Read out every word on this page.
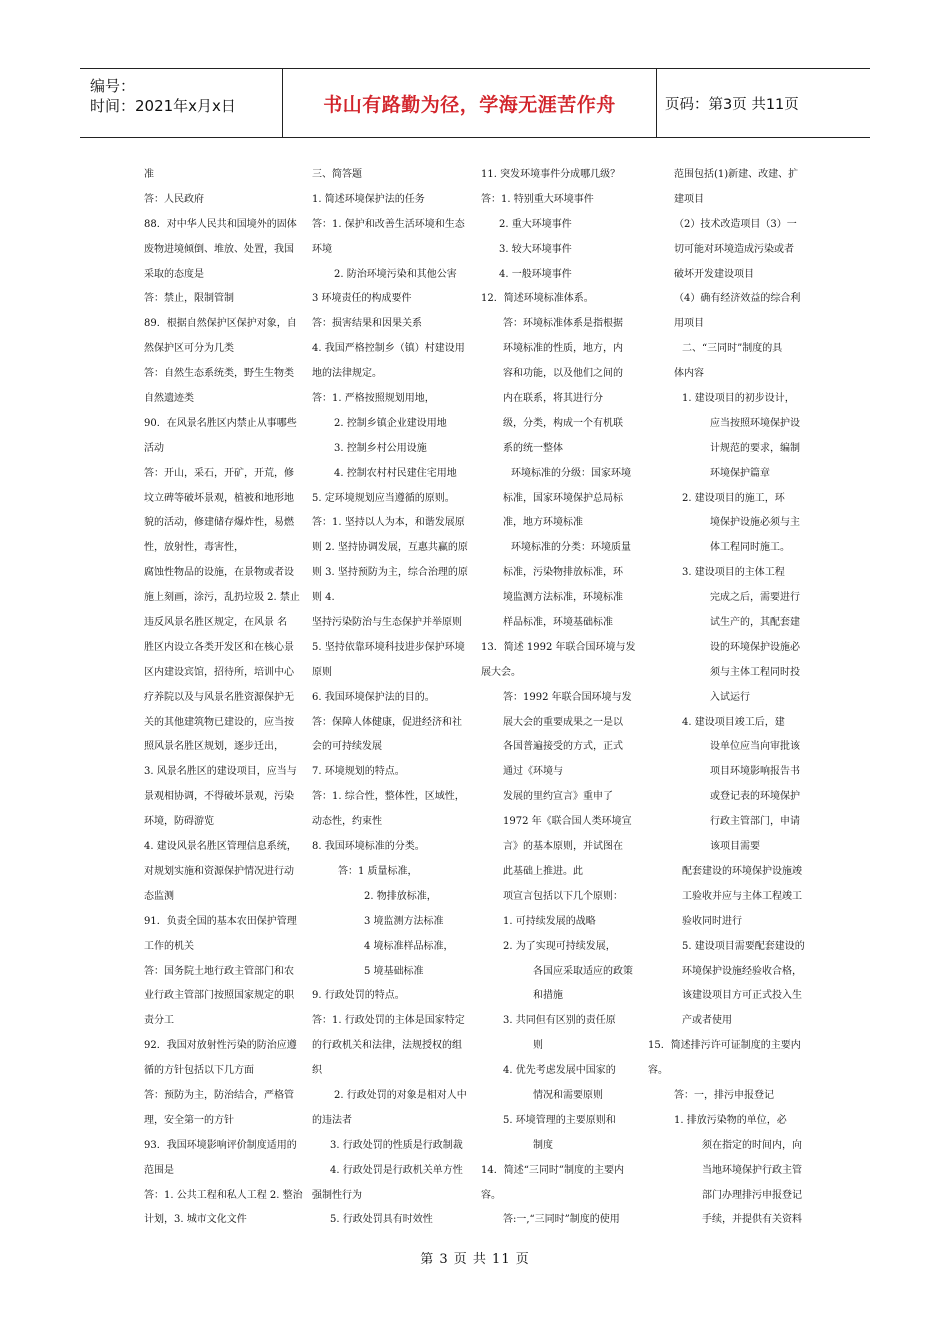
编号：
时间：2021年x月x日	书山有路勤为径，学海无涯苦作舟	页码：第3页 共11页
准
答：人民政府
88．对中华人民共和国境外的固体
废物进境倾倒、堆放、处置，我国
采取的态度是
答：禁止，限制管制
89．根据自然保护区保护对象，自
然保护区可分为几类
答：自然生态系统类，野生生物类
自然遗迹类
90．在风景名胜区内禁止从事哪些
活动
答：开山，采石，开矿，开荒，修
坟立碑等破坏景观，植被和地形地
貌的活动，修建储存爆炸性，易燃
性，放射性，毒害性，
腐蚀性物品的设施，在景物或者设
施上刻画，涂污，乱扔垃圾 2. 禁止
违反风景名胜区规定，在风景 名
胜区内设立各类开发区和在核心景
区内建设宾馆，招待所，培训中心
疗养院以及与风景名胜资源保护无
关的其他建筑物已建设的，应当按
照风景名胜区规划，逐步迁出，
3. 风景名胜区的建设项目，应当与
景观相协调，不得破坏景观，污染
环境，防碍游览
4. 建设风景名胜区管理信息系统，
对规划实施和资源保护情况进行动
态监测
91．负责全国的基本农田保护管理
工作的机关
答：国务院土地行政主管部门和农
业行政主管部门按照国家规定的职
责分工
92．我国对放射性污染的防治应遵
循的方针包括以下几方面
答：预防为主，防治结合，严格管
理，安全第一的方针
93．我国环境影响评价制度适用的
范围是
答：1. 公共工程和私人工程 2. 整治
计划，3. 城市文化文件
三、简答题
1. 简述环境保护法的任务
答：1. 保护和改善生活环境和生态
环境
2. 防治环境污染和其他公害
3 环境责任的构成要件
答：损害结果和因果关系
4. 我国严格控制乡（镇）村建设用
地的法律规定。
答：1. 严格按照规划用地，
2. 控制乡镇企业建设用地
3. 控制乡村公用设施
4. 控制农村村民建住宅用地
5. 定环境规划应当遵循的原则。
答：1. 坚持以人为本，和谐发展原
则 2. 坚持协调发展，互惠共赢的原
则 3. 坚持预防为主，综合治理的原
则 4.
坚持污染防治与生态保护并举原则
5. 坚持依靠环境科技进步保护环境
原则
6. 我国环境保护法的目的。
答：保障人体健康，促进经济和社
会的可持续发展
7. 环境规划的特点。
答：1. 综合性，整体性，区域性，
动态性，约束性
8. 我国环境标准的分类。
答：1 质量标准，
2. 物排放标准，
3 境监测方法标准
4 境标准样品标准，
5 境基础标准
9. 行政处罚的特点。
答：1. 行政处罚的主体是国家特定
的行政机关和法律，法规授权的组
织
2. 行政处罚的对象是相对人中
的违法者
3. 行政处罚的性质是行政制裁
4. 行政处罚是行政机关单方性
强制性行为
5. 行政处罚具有时效性
11. 突发环境事件分成哪几级？
答：1. 特别重大环境事件
2. 重大环境事件
3. 较大环境事件
4. 一般环境事件
12．简述环境标准体系。
答：环境标准体系是指根据
环境标准的性质，地方，内
容和功能，以及他们之间的
内在联系，将其进行分
级，分类，构成一个有机联
系的统一整体
环境标准的分级：国家环境
标准，国家环境保护总局标
准，地方环境标准
环境标准的分类：环境质量
标准，污染物排放标准，环
境监测方法标准，环境标准
样品标准，环境基础标准
13．简述 1992 年联合国环境与发
展大会。
答：1992 年联合国环境与发
展大会的重要成果之一是以
各国普遍接受的方式，正式
通过《环境与
发展的里约宣言》重申了
1972 年《联合国人类环境宣
言》的基本原则，并试图在
此基础上推进。此
项宣言包括以下几个原则：
1. 可持续发展的战略
2. 为了实现可持续发展，
各国应采取适应的政策
和措施
3. 共同但有区别的责任原
则
4. 优先考虑发展中国家的
情况和需要原则
5. 环境管理的主要原则和
制度
14．简述“三同时”制度的主要内
容。
答:一,“三同时”制度的使用
范围包括(1)新建、改建、扩
建项目
（2）技术改造项目（3）一
切可能对环境造成污染或者
破坏开发建设项目
（4）确有经济效益的综合利
用项目
二、“三同时”制度的具
体内容
1. 建设项目的初步设计，
应当按照环境保护设
计规范的要求，编制
环境保护篇章
2. 建设项目的施工，环
境保护设施必须与主
体工程同时施工。
3. 建设项目的主体工程
完成之后，需要进行
试生产的，其配套建
设的环境保护设施必
须与主体工程同时投
入试运行
4. 建设项目竣工后，建
设单位应当向审批该
项目环境影响报告书
或登记表的环境保护
行政主管部门，申请
该项目需要
配套建设的环境保护设施竣
工验收并应与主体工程竣工
验收同时进行
5. 建设项目需要配套建设的
环境保护设施经验收合格，
该建设项目方可正式投入生
产或者使用
15．简述排污许可证制度的主要内
容。
答：一，排污申报登记
1. 排放污染物的单位，必
须在指定的时间内，向
当地环境保护行政主管
部门办理排污申报登记
手续，并提供有关资料
第 3 页 共 11 页
